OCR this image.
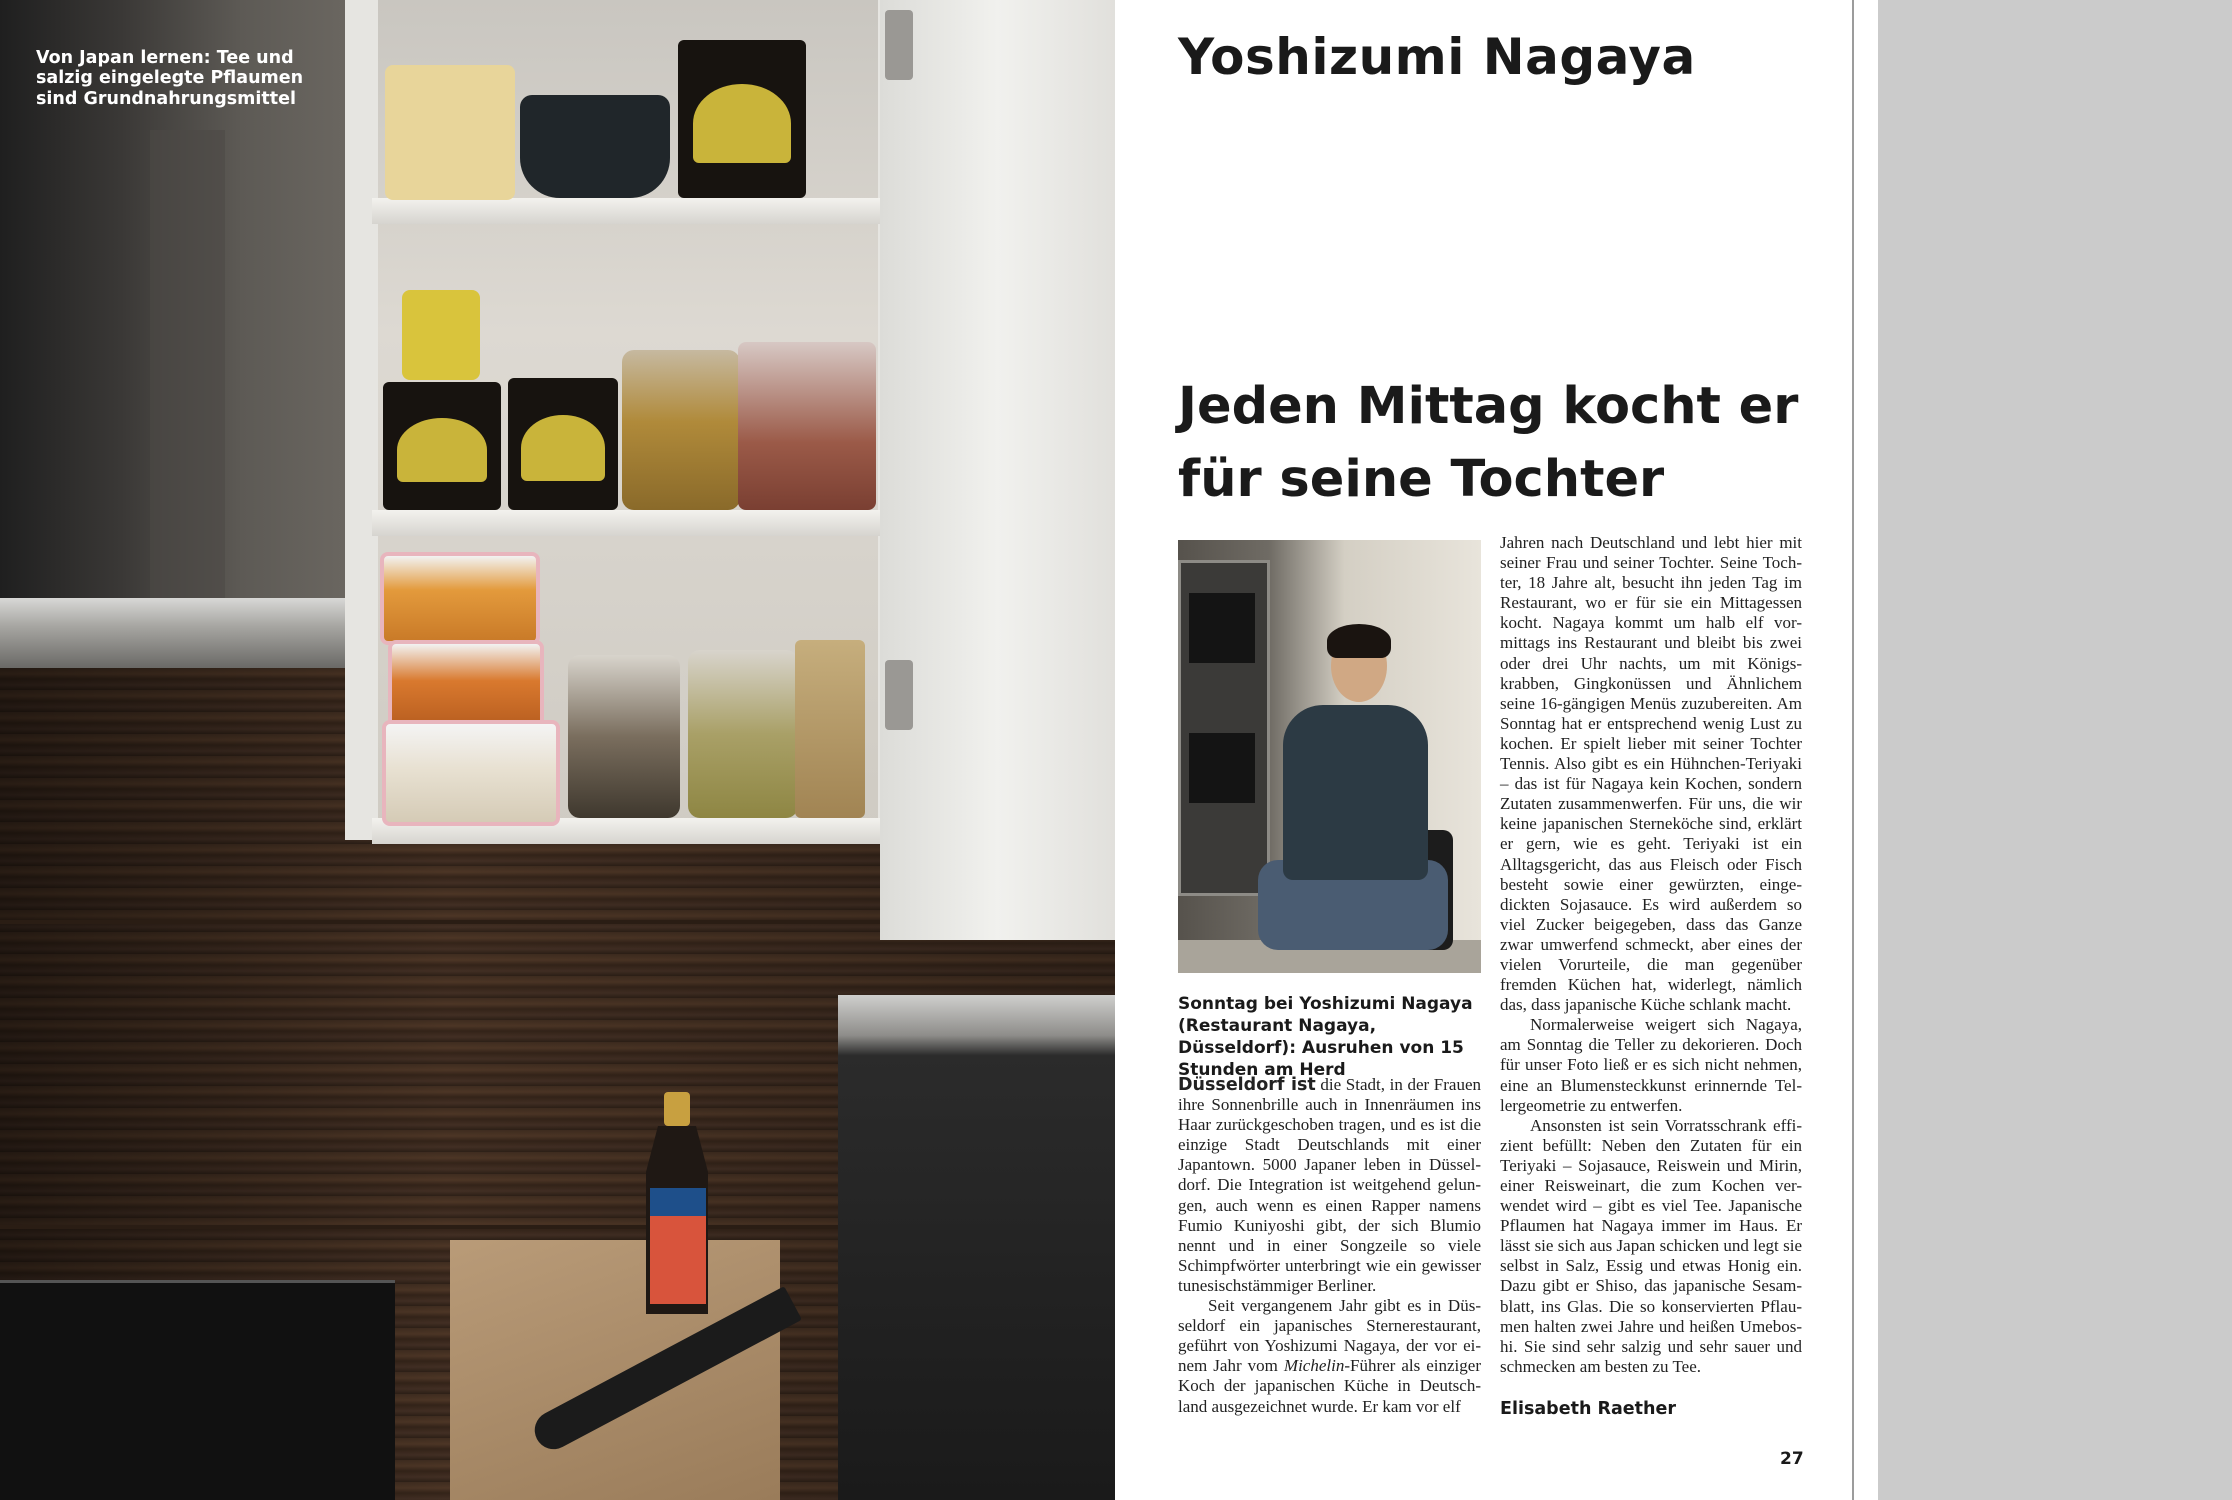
Von Japan lernen: Tee und salzig eingelegte Pflaumen sind Grundnahrungsmittel

Yoshizumi Nagaya
Jeden Mittag kocht er für seine Tochter

Sonntag bei Yoshizumi Nagaya (Restaurant Nagaya, Düsseldorf): Ausruhen von 15 Stunden am Herd

Düsseldorf ist die Stadt, in der Frauen ihre Sonnenbrille auch in Innenräumen ins Haar zurückgeschoben tragen, und es ist die einzige Stadt Deutschlands mit einer Japantown. 5000 Japaner leben in Düssel-dorf. Die Integration ist weitgehend gelun-gen, auch wenn es einen Rapper namens Fumio Kuniyoshi gibt, der sich Blumio nennt und in einer Songzeile so viele Schimpfwörter unterbringt wie ein gewisser tunesischstämmiger Berliner.

Seit vergangenem Jahr gibt es in Düs-seldorf ein japanisches Sternerestaurant, geführt von Yoshizumi Nagaya, der vor ei-nem Jahr vom Michelin-Führer als einziger Koch der japanischen Küche in Deutsch-land ausgezeichnet wurde. Er kam vor elf

Jahren nach Deutschland und lebt hier mit seiner Frau und seiner Tochter. Seine Toch-ter, 18 Jahre alt, besucht ihn jeden Tag im Restaurant, wo er für sie ein Mittagessen kocht. Nagaya kommt um halb elf vor-mittags ins Restaurant und bleibt bis zwei oder drei Uhr nachts, um mit Königs-krabben, Gingkonüssen und Ähnlichem seine 16-gängigen Menüs zuzubereiten. Am Sonntag hat er entsprechend wenig Lust zu kochen. Er spielt lieber mit seiner Tochter Tennis. Also gibt es ein Hühnchen-Teriyaki – das ist für Nagaya kein Kochen, sondern Zutaten zusammenwerfen. Für uns, die wir keine japanischen Sterneköche sind, erklärt er gern, wie es geht. Teriyaki ist ein Alltagsgericht, das aus Fleisch oder Fisch besteht sowie einer gewürzten, einge-dickten Sojasauce. Es wird außerdem so viel Zucker beigegeben, dass das Ganze zwar umwerfend schmeckt, aber eines der vielen Vorurteile, die man gegenüber fremden Küchen hat, widerlegt, nämlich das, dass japanische Küche schlank macht.

Normalerweise weigert sich Nagaya, am Sonntag die Teller zu dekorieren. Doch für unser Foto ließ er es sich nicht nehmen, eine an Blumensteckkunst erinnernde Tel-lergeometrie zu entwerfen.

Ansonsten ist sein Vorratsschrank effi-zient befüllt: Neben den Zutaten für ein Teriyaki – Sojasauce, Reiswein und Mirin, einer Reisweinart, die zum Kochen ver-wendet wird – gibt es viel Tee. Japanische Pflaumen hat Nagaya immer im Haus. Er lässt sie sich aus Japan schicken und legt sie selbst in Salz, Essig und etwas Honig ein. Dazu gibt er Shiso, das japanische Sesam-blatt, ins Glas. Die so konservierten Pflau-men halten zwei Jahre und heißen Umebos-hi. Sie sind sehr salzig und sehr sauer und schmecken am besten zu Tee.

Elisabeth Raether

27
